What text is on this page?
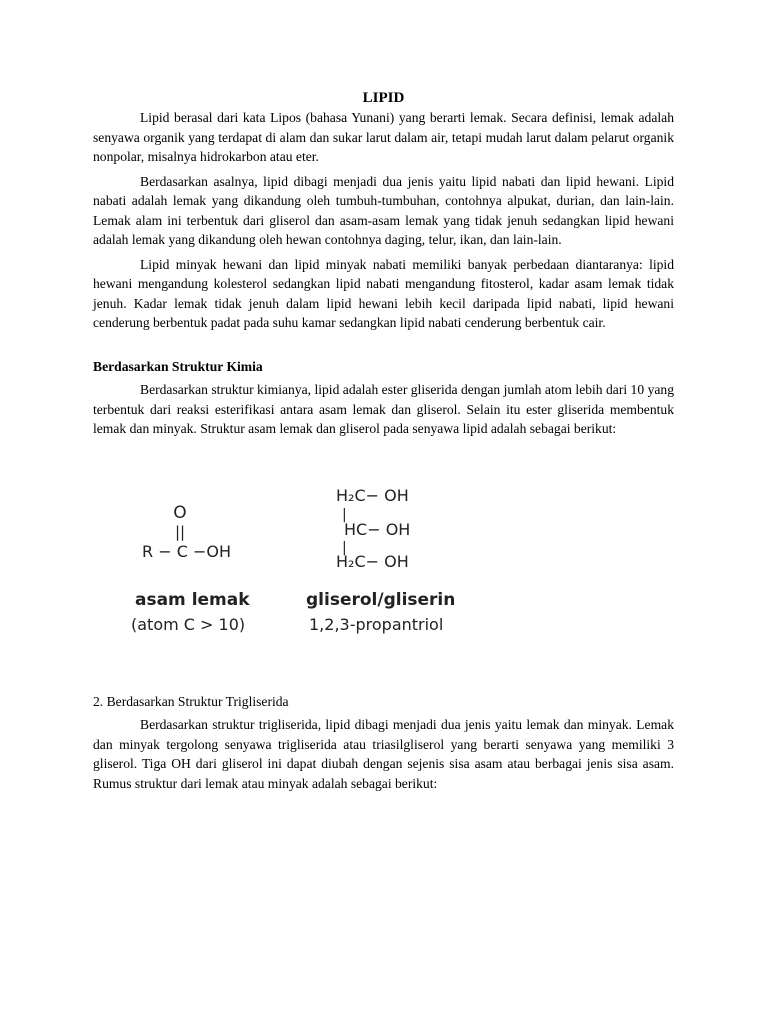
LIPID

Lipid berasal dari kata Lipos (bahasa Yunani) yang berarti lemak. Secara definisi, lemak adalah senyawa organik yang terdapat di alam dan sukar larut dalam air, tetapi mudah larut dalam pelarut organik nonpolar, misalnya hidrokarbon atau eter.

Berdasarkan asalnya, lipid dibagi menjadi dua jenis yaitu lipid nabati dan lipid hewani. Lipid nabati adalah lemak yang dikandung oleh tumbuh-tumbuhan, contohnya alpukat, durian, dan lain-lain. Lemak alam ini terbentuk dari gliserol dan asam-asam lemak yang tidak jenuh sedangkan lipid hewani adalah lemak yang dikandung oleh hewan contohnya daging, telur, ikan, dan lain-lain.

Lipid minyak hewani dan lipid minyak nabati memiliki banyak perbedaan diantaranya: lipid hewani mengandung kolesterol sedangkan lipid nabati mengandung fitosterol, kadar asam lemak tidak jenuh. Kadar lemak tidak jenuh dalam lipid hewani lebih kecil daripada lipid nabati, lipid hewani cenderung berbentuk padat pada suhu kamar sedangkan lipid nabati cenderung berbentuk cair.

Berdasarkan Struktur Kimia

Berdasarkan struktur kimianya, lipid adalah ester gliserida dengan jumlah atom lebih dari 10 yang terbentuk dari reaksi esterifikasi antara asam lemak dan gliserol. Selain itu ester gliserida membentuk lemak dan minyak. Struktur asam lemak dan gliserol pada senyawa lipid adalah sebagai berikut:

O
||
R − C −OH
asam lemak
(atom C > 10)
H₂C− OH
|
HC− OH
|
H₂C− OH
gliserol/gliserin
1,2,3-propantriol
2. Berdasarkan Struktur Trigliserida

Berdasarkan struktur trigliserida, lipid dibagi menjadi dua jenis yaitu lemak dan minyak. Lemak dan minyak tergolong senyawa trigliserida atau triasilgliserol yang berarti senyawa yang memiliki 3 gliserol. Tiga OH dari gliserol ini dapat diubah dengan sejenis sisa asam atau berbagai jenis sisa asam. Rumus struktur dari lemak atau minyak adalah sebagai berikut:
